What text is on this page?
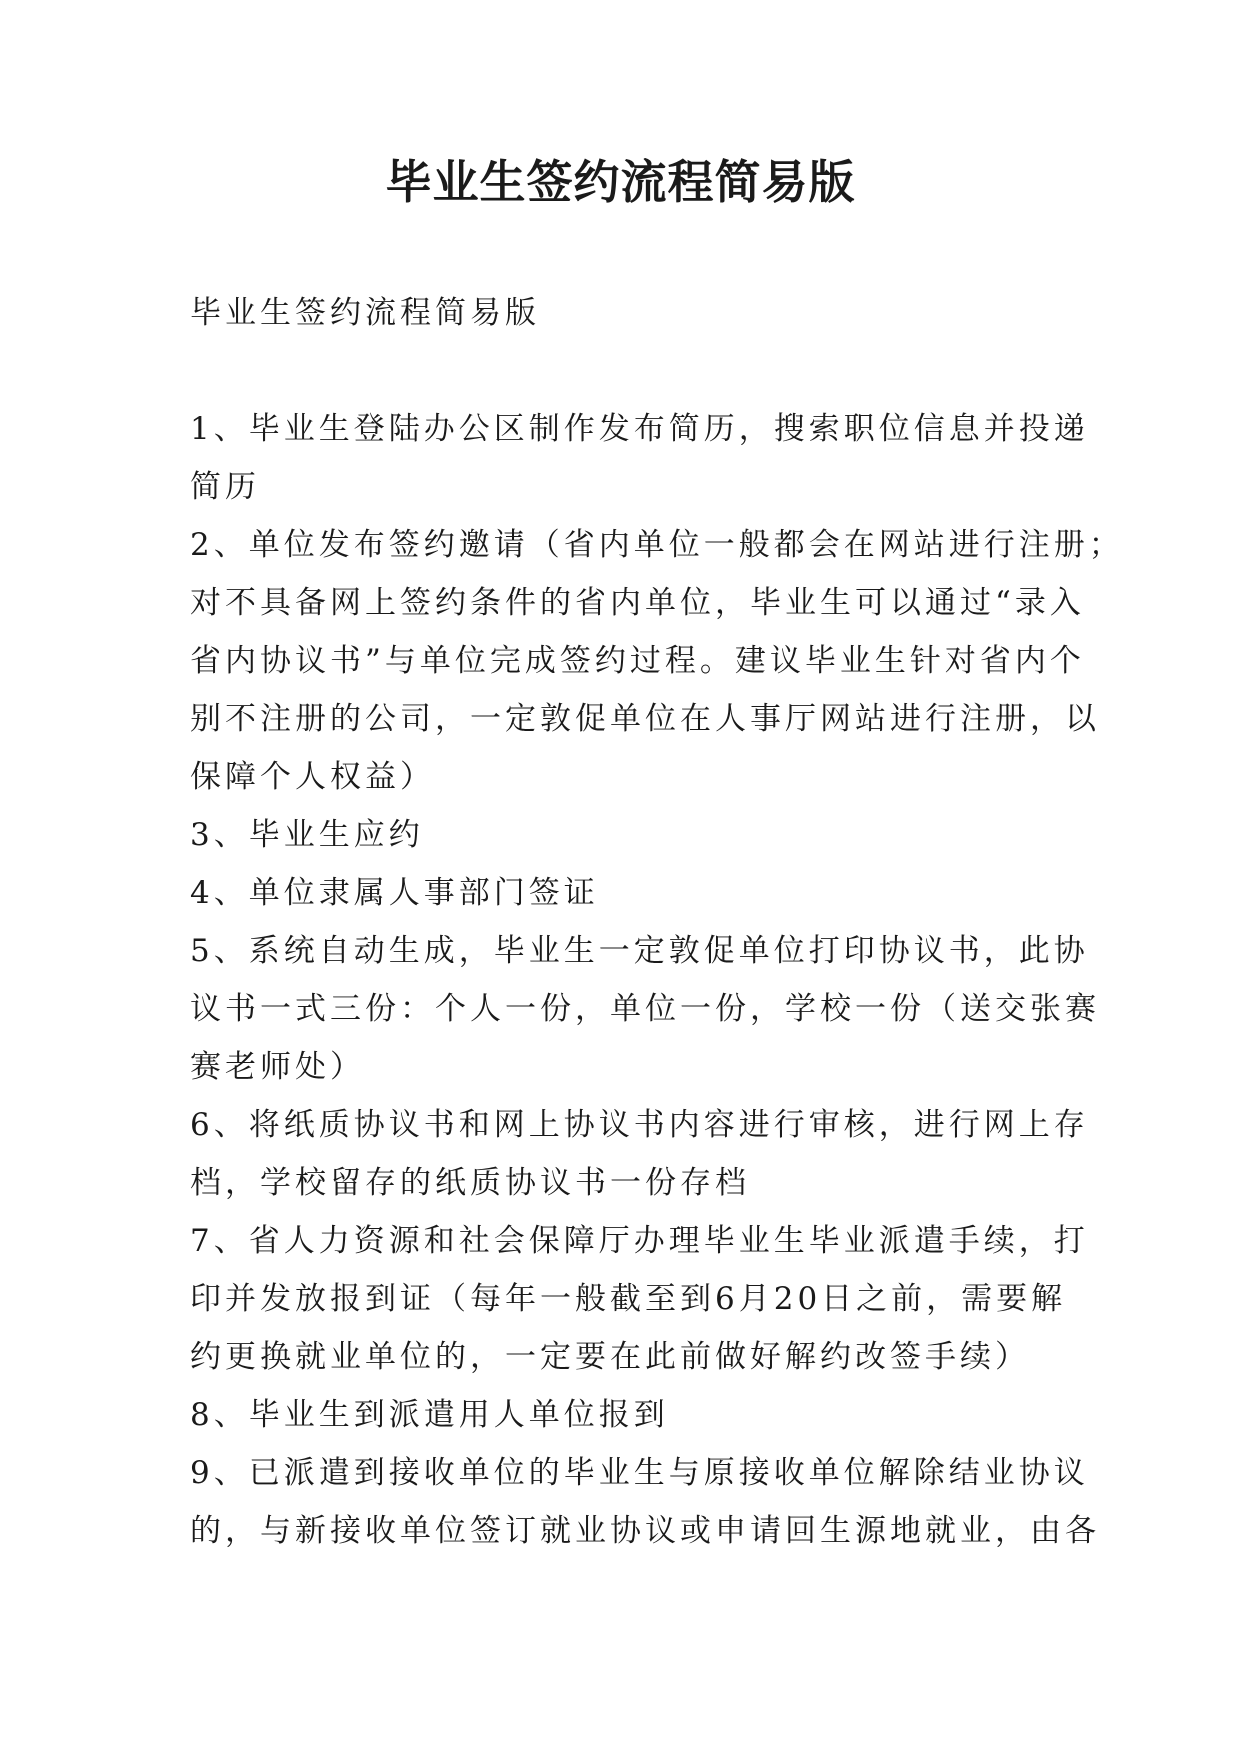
毕业生签约流程简易版

毕业生签约流程简易版

1、毕业生登陆办公区制作发布简历，搜索职位信息并投递
简历
2、单位发布签约邀请（省内单位一般都会在网站进行注册；
对不具备网上签约条件的省内单位，毕业生可以通过“录入
省内协议书”与单位完成签约过程。建议毕业生针对省内个
别不注册的公司，一定敦促单位在人事厅网站进行注册，以
保障个人权益）
3、毕业生应约
4、单位隶属人事部门签证
5、系统自动生成，毕业生一定敦促单位打印协议书，此协
议书一式三份：个人一份，单位一份，学校一份（送交张赛
赛老师处）
6、将纸质协议书和网上协议书内容进行审核，进行网上存
档，学校留存的纸质协议书一份存档
7、省人力资源和社会保障厅办理毕业生毕业派遣手续，打
印并发放报到证（每年一般截至到6月20日之前，需要解
约更换就业单位的，一定要在此前做好解约改签手续）
8、毕业生到派遣用人单位报到
9、已派遣到接收单位的毕业生与原接收单位解除结业协议
的，与新接收单位签订就业协议或申请回生源地就业，由各
